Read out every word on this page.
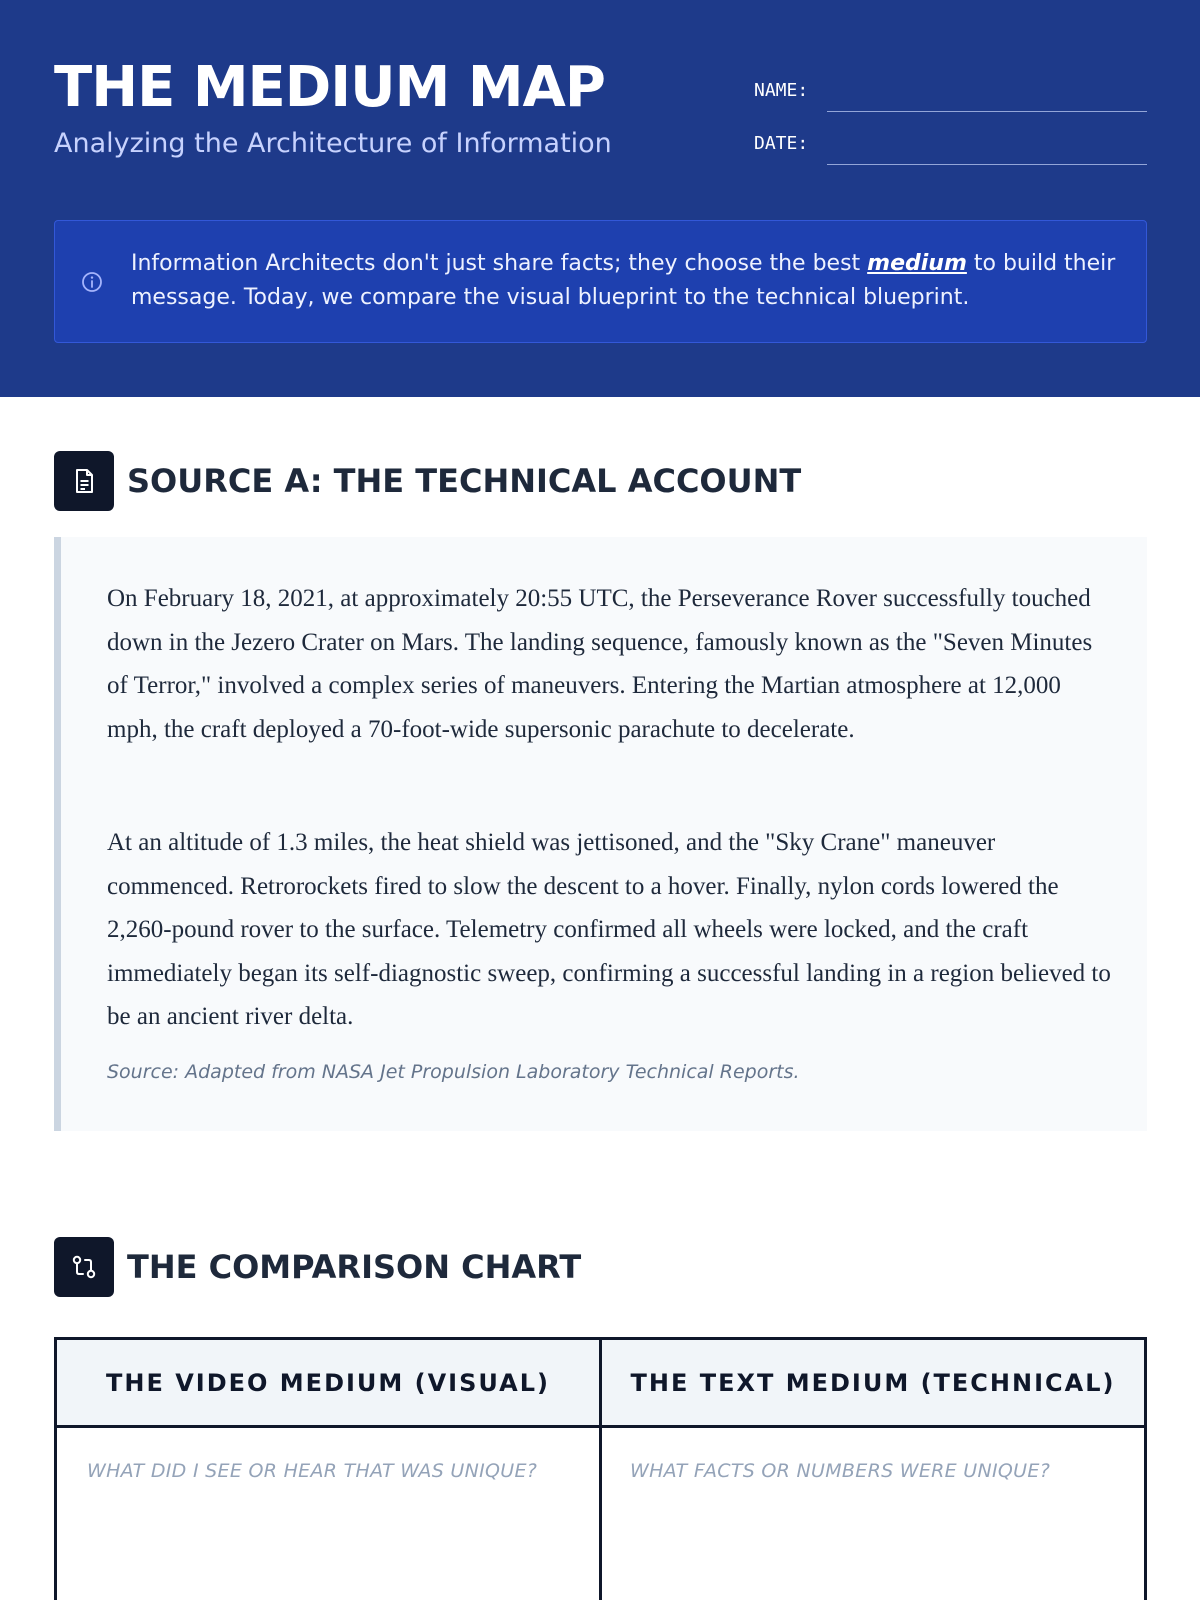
THE MEDIUM MAP
Analyzing the Architecture of Information
NAME:
DATE:
Information Architects don't just share facts; they choose the best medium to build their message. Today, we compare the visual blueprint to the technical blueprint.
SOURCE A: THE TECHNICAL ACCOUNT

On February 18, 2021, at approximately 20:55 UTC, the Perseverance Rover successfully touched down in the Jezero Crater on Mars. The landing sequence, famously known as the "Seven Minutes of Terror," involved a complex series of maneuvers. Entering the Martian atmosphere at 12,000 mph, the craft deployed a 70-foot-wide supersonic parachute to decelerate.

At an altitude of 1.3 miles, the heat shield was jettisoned, and the "Sky Crane" maneuver commenced. Retrorockets fired to slow the descent to a hover. Finally, nylon cords lowered the 2,260-pound rover to the surface. Telemetry confirmed all wheels were locked, and the craft immediately began its self-diagnostic sweep, confirming a successful landing in a region believed to be an ancient river delta.

Source: Adapted from NASA Jet Propulsion Laboratory Technical Reports.
THE COMPARISON CHART
THE VIDEO MEDIUM (VISUAL)	THE TEXT MEDIUM (TECHNICAL)
WHAT DID I SEE OR HEAR THAT WAS UNIQUE?	WHAT FACTS OR NUMBERS WERE UNIQUE?
